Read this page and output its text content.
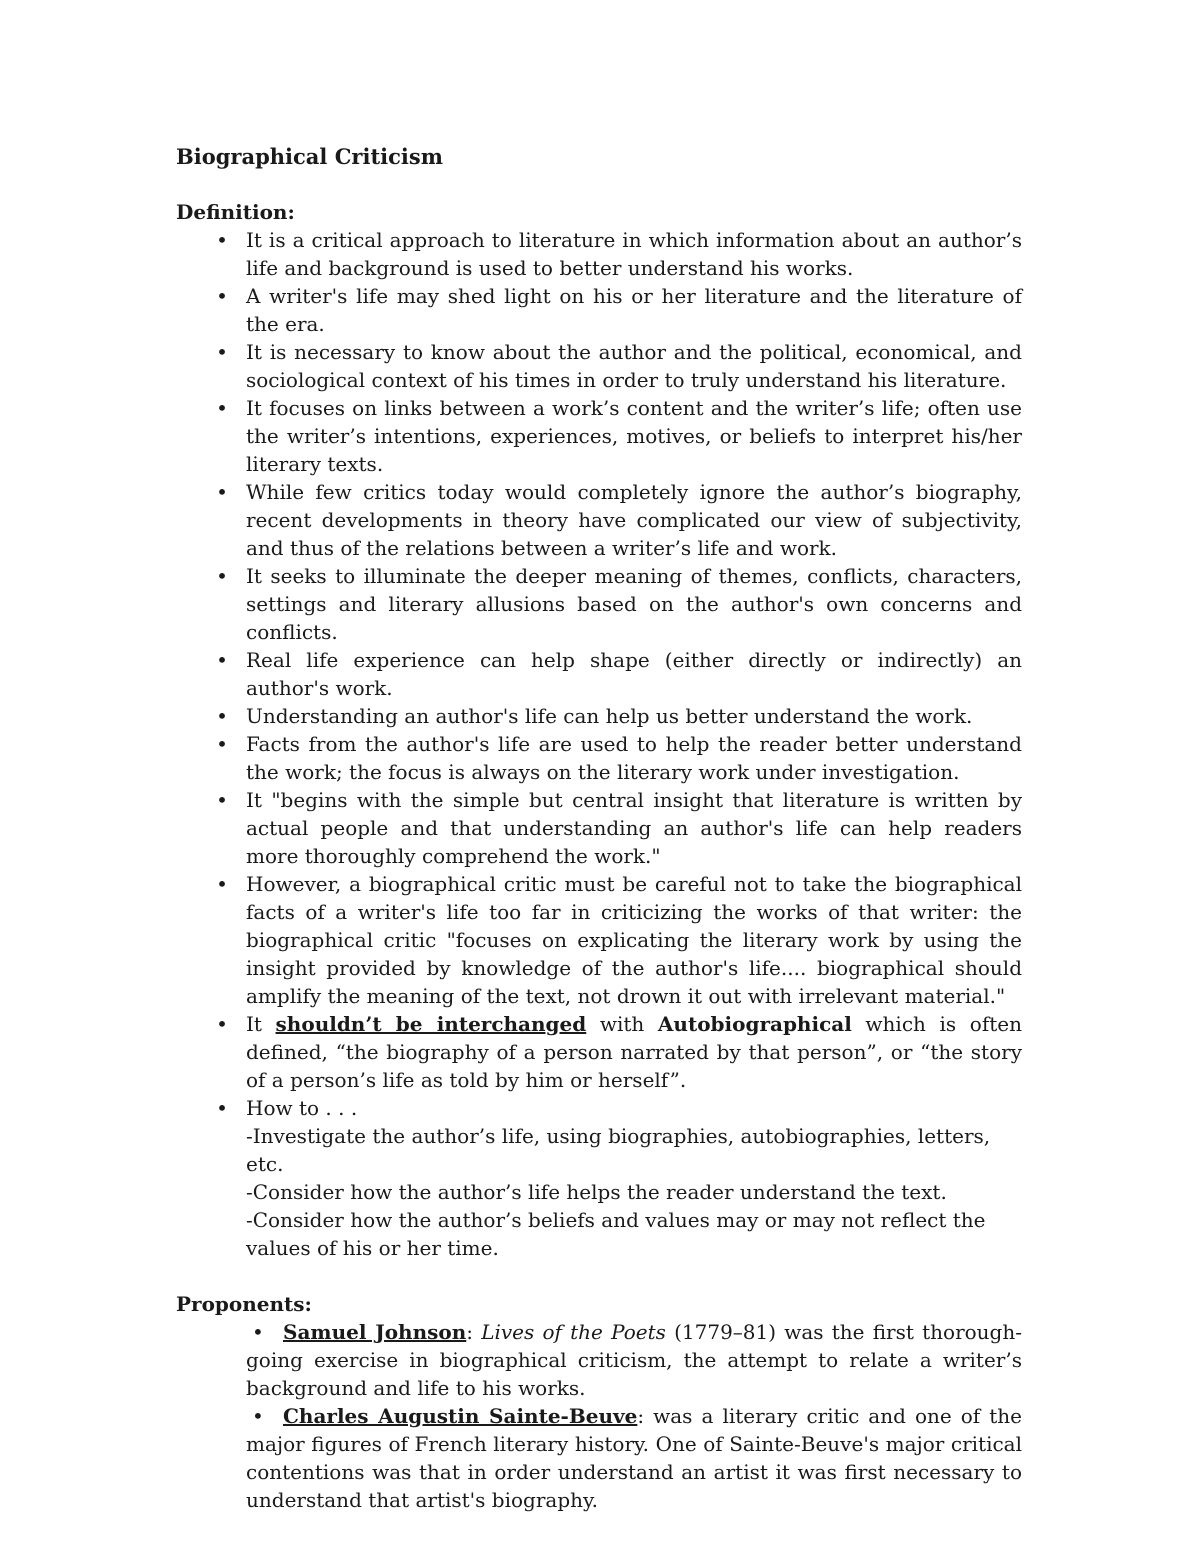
Biographical Criticism
Definition:
• It is a critical approach to literature in which information about an author’s life and background is used to better understand his works.
• A writer's life may shed light on his or her literature and the literature of the era.
• It is necessary to know about the author and the political, economical, and sociological context of his times in order to truly understand his literature.
• It focuses on links between a work’s content and the writer’s life; often use the writer’s intentions, experiences, motives, or beliefs to interpret his/her literary texts.
• While few critics today would completely ignore the author’s biography, recent developments in theory have complicated our view of subjectivity, and thus of the relations between a writer’s life and work.
• It seeks to illuminate the deeper meaning of themes, conflicts, characters, settings and literary allusions based on the author's own concerns and conflicts.
• Real life experience can help shape (either directly or indirectly) an author's work.
• Understanding an author's life can help us better understand the work.
• Facts from the author's life are used to help the reader better understand the work; the focus is always on the literary work under investigation.
• It "begins with the simple but central insight that literature is written by actual people and that understanding an author's life can help readers more thoroughly comprehend the work."
• However, a biographical critic must be careful not to take the biographical facts of a writer's life too far in criticizing the works of that writer: the biographical critic "focuses on explicating the literary work by using the insight provided by knowledge of the author's life.... biographical should amplify the meaning of the text, not drown it out with irrelevant material."
• It shouldn’t be interchanged with Autobiographical which is often defined, “the biography of a person narrated by that person”, or “the story of a person’s life as told by him or herself”.
• How to . . .
-Investigate the author’s life, using biographies, autobiographies, letters, etc.
-Consider how the author’s life helps the reader understand the text.
-Consider how the author’s beliefs and values may or may not reflect the values of his or her time.
Proponents:
• Samuel Johnson: Lives of the Poets (1779–81) was the first thorough-going exercise in biographical criticism, the attempt to relate a writer’s background and life to his works.
• Charles Augustin Sainte-Beuve: was a literary critic and one of the major figures of French literary history. One of Sainte-Beuve's major critical contentions was that in order understand an artist it was first necessary to understand that artist's biography.
